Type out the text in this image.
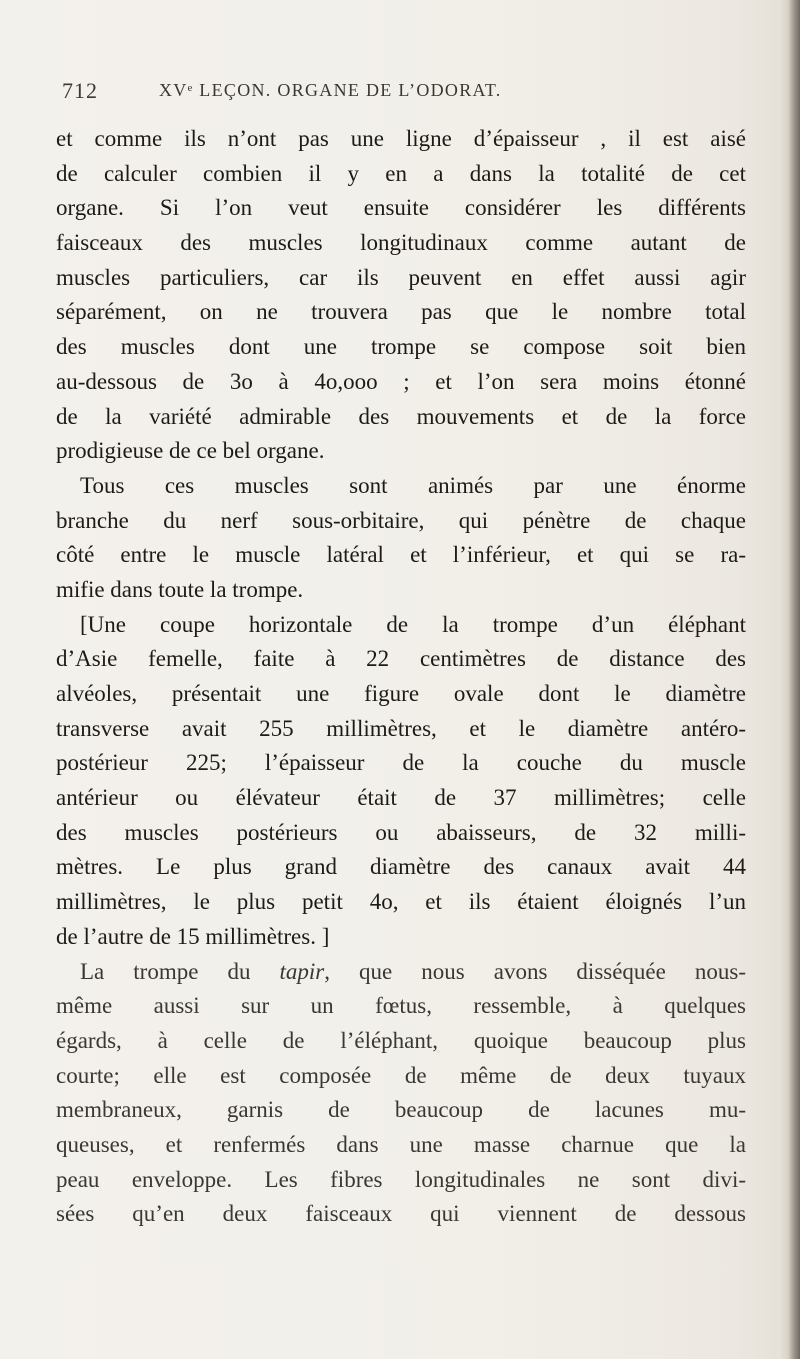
712	XVᵉ LEÇON. ORGANE DE L’ODORAT.
et comme ils n’ont pas une ligne d’épaisseur , il est aisé
de calculer combien il y en a dans la totalité de cet
organe. Si l’on veut ensuite considérer les différents
faisceaux des muscles longitudinaux comme autant de
muscles particuliers, car ils peuvent en effet aussi agir
séparément, on ne trouvera pas que le nombre total
des muscles dont une trompe se compose soit bien
au-dessous de 3o à 4o,ooo ; et l’on sera moins étonné
de la variété admirable des mouvements et de la force
prodigieuse de ce bel organe.
Tous ces muscles sont animés par une énorme
branche du nerf sous-orbitaire, qui pénètre de chaque
côté entre le muscle latéral et l’inférieur, et qui se ra-
mifie dans toute la trompe.
[Une coupe horizontale de la trompe d’un éléphant
d’Asie femelle, faite à 22 centimètres de distance des
alvéoles, présentait une figure ovale dont le diamètre
transverse avait 255 millimètres, et le diamètre antéro-
postérieur 225; l’épaisseur de la couche du muscle
antérieur ou élévateur était de 37 millimètres; celle
des muscles postérieurs ou abaisseurs, de 32 milli-
mètres. Le plus grand diamètre des canaux avait 44
millimètres, le plus petit 4o, et ils étaient éloignés l’un
de l’autre de 15 millimètres. ]
La trompe du tapir, que nous avons disséquée nous-
même aussi sur un fœtus, ressemble, à quelques
égards, à celle de l’éléphant, quoique beaucoup plus
courte; elle est composée de même de deux tuyaux
membraneux, garnis de beaucoup de lacunes mu-
queuses, et renfermés dans une masse charnue que la
peau enveloppe. Les fibres longitudinales ne sont divi-
sées qu’en deux faisceaux qui viennent de dessous
